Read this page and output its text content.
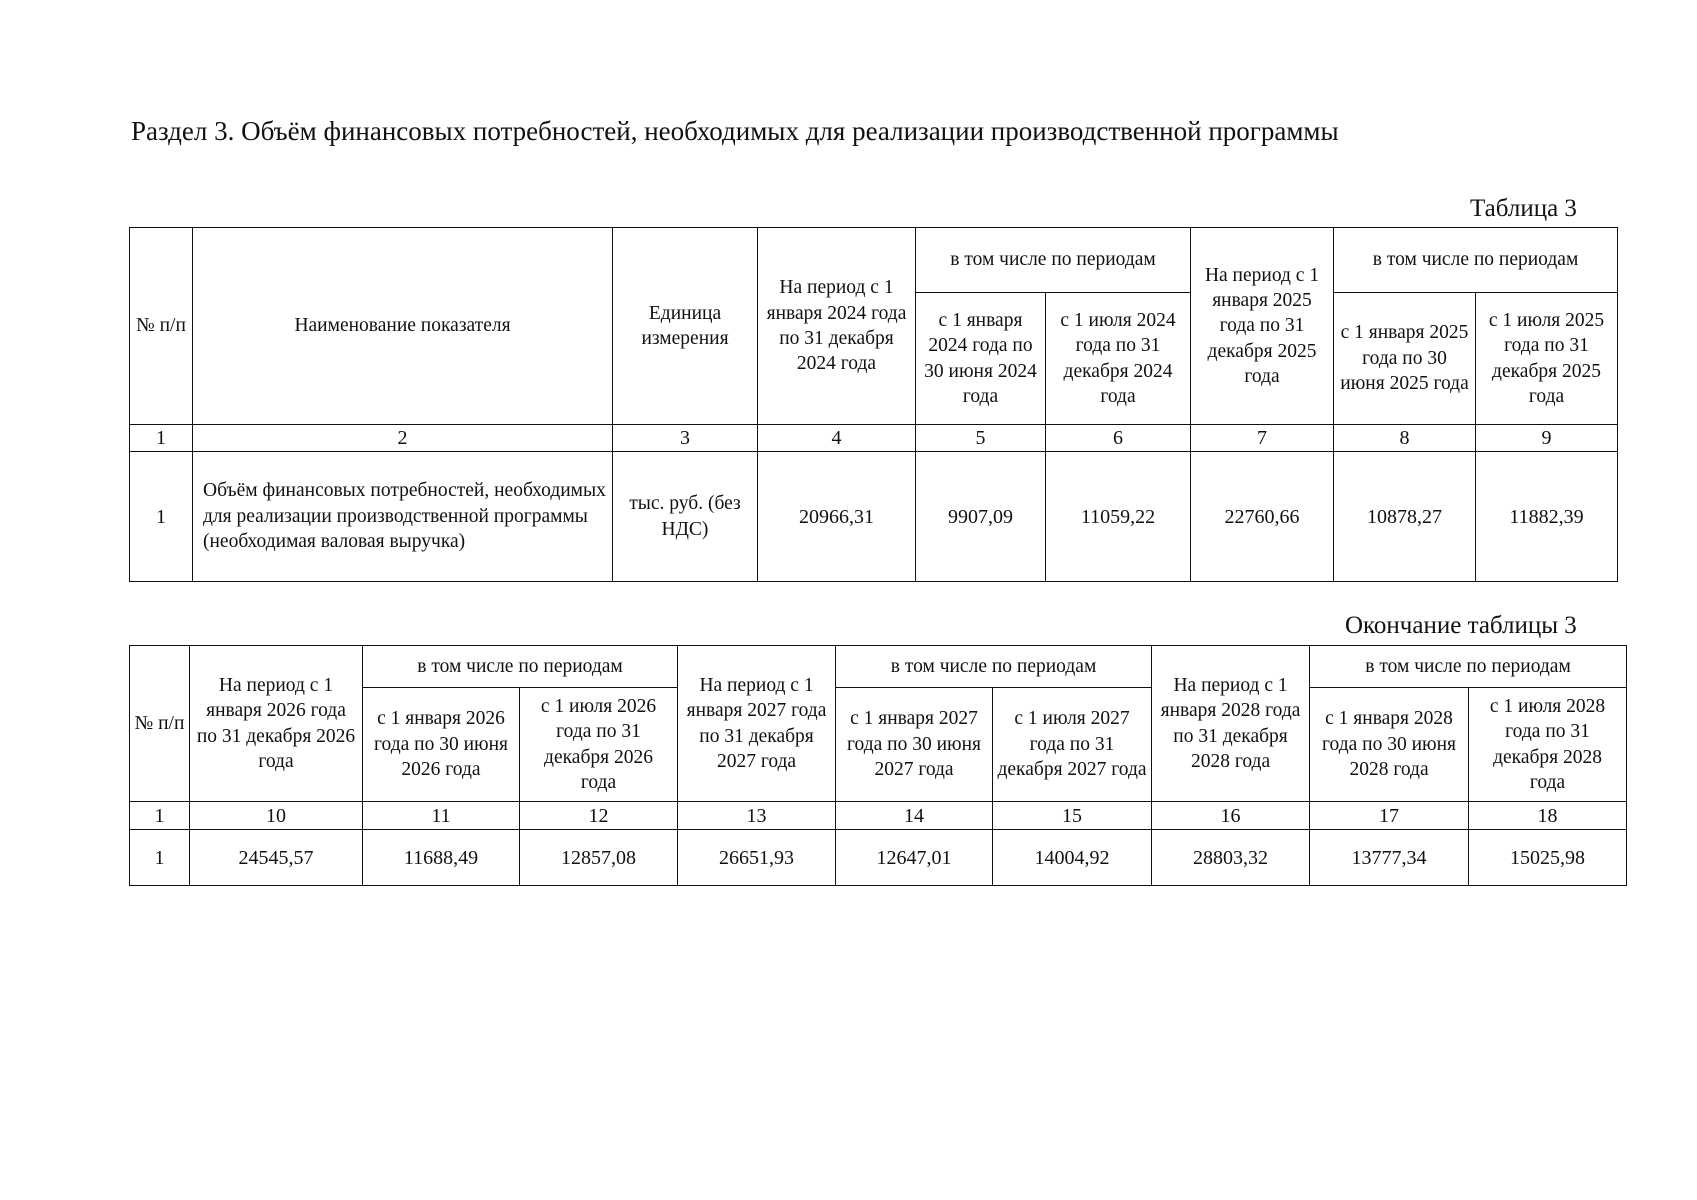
Раздел 3. Объём финансовых потребностей, необходимых для реализации производственной программы
Таблица 3
№ п/п	Наименование показателя	Единица измерения	На период с 1 января 2024 года по 31 декабря 2024 года	в том числе по периодам		На период с 1 января 2025 года по 31 декабря 2025 года	в том числе по периодам	
				с 1 января 2024 года по 30 июня 2024 года	с 1 июля 2024 года по 31 декабря 2024 года		с 1 января 2025 года по 30 июня 2025 года	с 1 июля 2025 года по 31 декабря 2025 года
1	2	3	4	5	6	7	8	9
1	Объём финансовых потребностей, необходимых для реализации производственной программы (необходимая валовая выручка)	тыс. руб. (без НДС)	20966,31	9907,09	11059,22	22760,66	10878,27	11882,39
Окончание таблицы 3
№ п/п	На период с 1 января 2026 года по 31 декабря 2026 года	в том числе по периодам		На период с 1 января 2027 года по 31 декабря 2027 года	в том числе по периодам		На период с 1 января 2028 года по 31 декабря 2028 года	в том числе по периодам	
		с 1 января 2026 года по 30 июня 2026 года	с 1 июля 2026 года по 31 декабря 2026 года		с 1 января 2027 года по 30 июня 2027 года	с 1 июля 2027 года по 31 декабря 2027 года		с 1 января 2028 года по 30 июня 2028 года	с 1 июля 2028 года по 31 декабря 2028 года
1	10	11	12	13	14	15	16	17	18
1	24545,57	11688,49	12857,08	26651,93	12647,01	14004,92	28803,32	13777,34	15025,98
